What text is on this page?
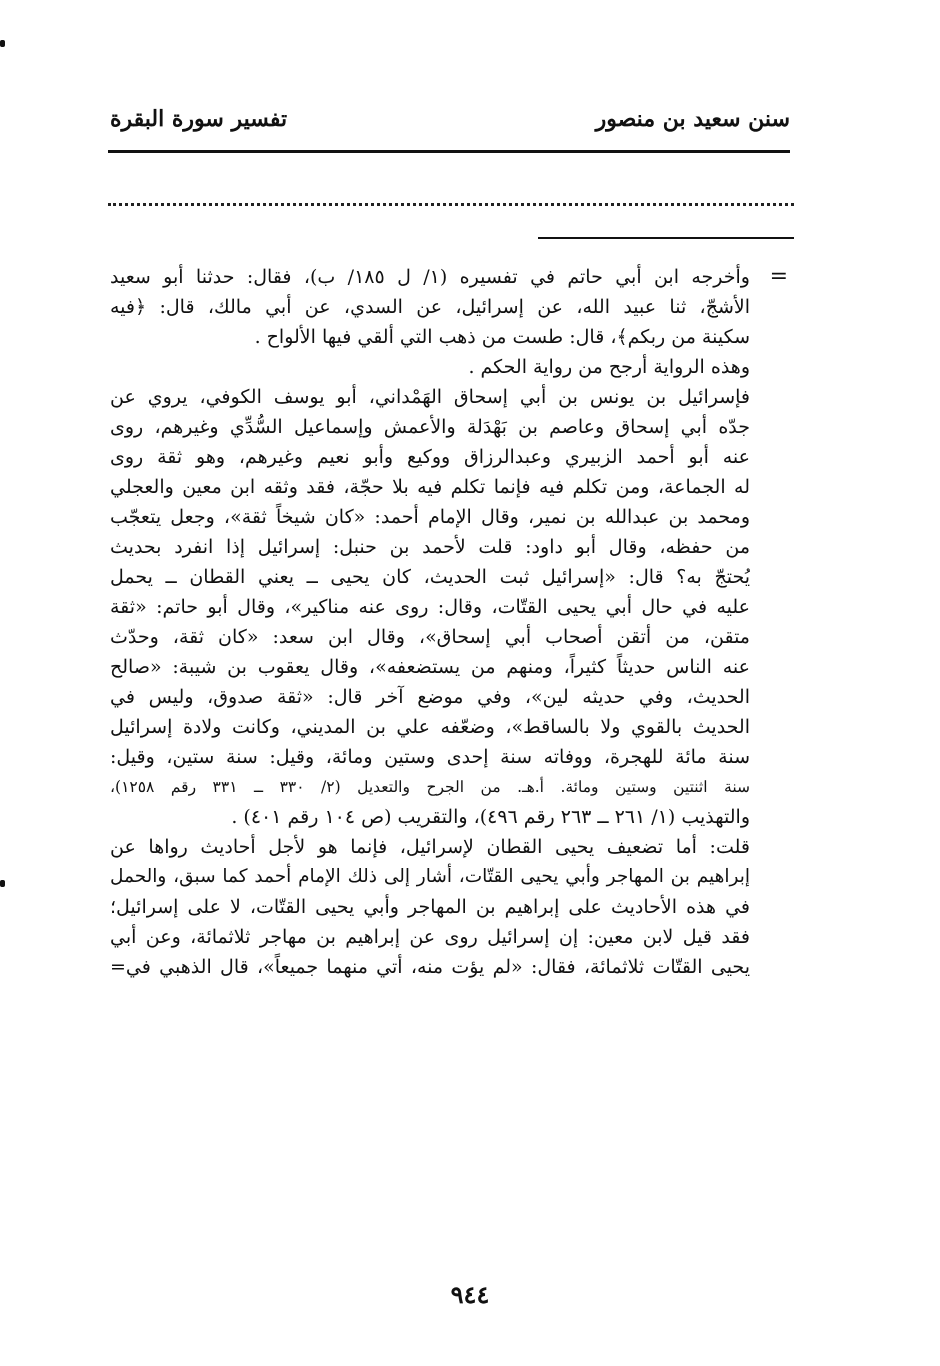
سنن سعيد بن منصور
تفسير سورة البقرة
=
وأخرجه ابن أبي حاتم في تفسيره (١/ ل ١٨٥/ ب)، فقال: حدثنا أبو سعيد
الأشجّ، ثنا عبيد الله، عن إسرائيل، عن السدي، عن أبي مالك، قال: ﴿فيه
سكينة من ربكم﴾، قال: طست من ذهب التي ألقي فيها الألواح .
وهذه الرواية أرجح من رواية الحكم .
فإسرائيل بن يونس بن أبي إسحاق الهَمْداني، أبو يوسف الكوفي، يروي عن
جدّه أبي إسحاق وعاصم بن بَهْدَلة والأعمش وإسماعيل السُّدِّي وغيرهم، روى
عنه أبو أحمد الزبيري وعبدالرزاق ووكيع وأبو نعيم وغيرهم، وهو ثقة روى
له الجماعة، ومن تكلم فيه فإنما تكلم فيه بلا حجّة، فقد وثقه ابن معين والعجلي
ومحمد بن عبدالله بن نمير، وقال الإمام أحمد: «كان شيخاً ثقة»، وجعل يتعجّب
من حفظه، وقال أبو داود: قلت لأحمد بن حنبل: إسرائيل إذا انفرد بحديث
يُحتجّ به؟ قال: «إسرائيل ثبت الحديث، كان يحيى ــ يعني القطان ــ يحمل
عليه في حال أبي يحيى القتّات، وقال: روى عنه مناكير»، وقال أبو حاتم: «ثقة
متقن، من أتقن أصحاب أبي إسحاق»، وقال ابن سعد: «كان ثقة، وحدّث
عنه الناس حديثاً كثيراً، ومنهم من يستضعفه»، وقال يعقوب بن شيبة: «صالح
الحديث، وفي حديثه لين»، وفي موضع آخر قال: «ثقة صدوق، وليس في
الحديث بالقوي ولا بالساقط»، وضعّفه علي بن المديني، وكانت ولادة إسرائيل
سنة مائة للهجرة، ووفاته سنة إحدى وستين ومائة، وقيل: سنة ستين، وقيل:
سنة اثنتين وستين ومائة. أ.هـ. من الجرح والتعديل (٢/ ٣٣٠ ــ ٣٣١ رقم ١٢٥٨)،
والتهذيب (١/ ٢٦١ ــ ٢٦٣ رقم ٤٩٦)، والتقريب (ص ١٠٤ رقم ٤٠١) .
قلت: أما تضعيف يحيى القطان لإسرائيل، فإنما هو لأجل أحاديث رواها عن
إبراهيم بن المهاجر وأبي يحيى القتّات، أشار إلى ذلك الإمام أحمد كما سبق، والحمل
في هذه الأحاديث على إبراهيم بن المهاجر وأبي يحيى القتّات، لا على إسرائيل؛
فقد قيل لابن معين: إن إسرائيل روى عن إبراهيم بن مهاجر ثلاثمائة، وعن أبي
يحيى القتّات ثلاثمائة، فقال: «لم يؤت منه، أتي منهما جميعاً»، قال الذهبي في=
٩٤٤
